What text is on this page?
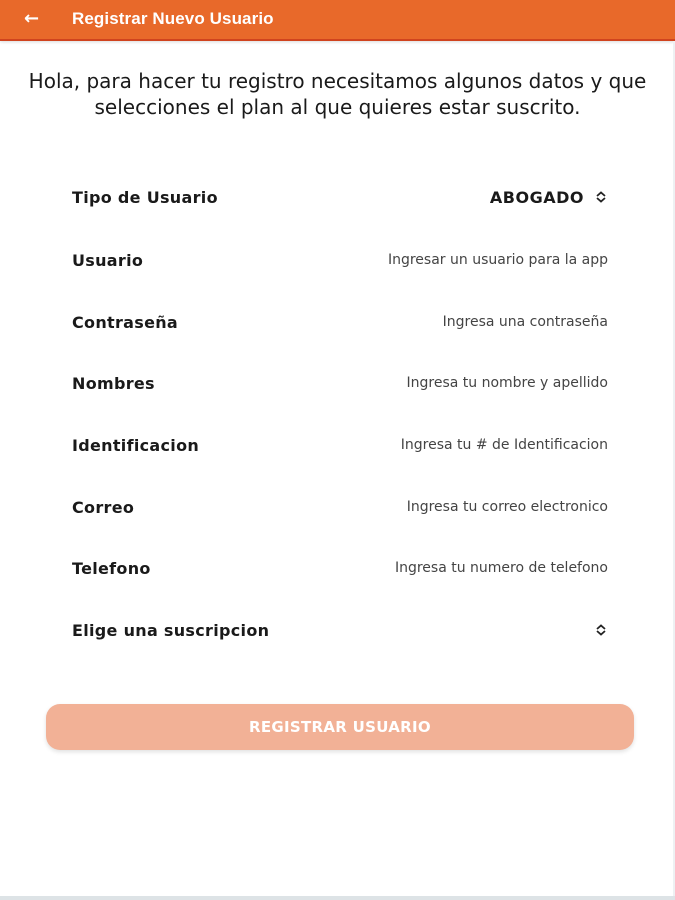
← Registrar Nuevo Usuario
Hola, para hacer tu registro necesitamos algunos datos y que selecciones el plan al que quieres estar suscrito.
Tipo de Usuario	ABOGADO
Usuario
Ingresar un usuario para la app
Contraseña
Nombres
Ingresa tu nombre y apellido
Identificacion
Ingresa tu # de Identificacion
Correo
Ingresa tu correo electronico
Telefono
Ingresa tu numero de telefono
Elige una suscripcion
REGISTRAR USUARIO
